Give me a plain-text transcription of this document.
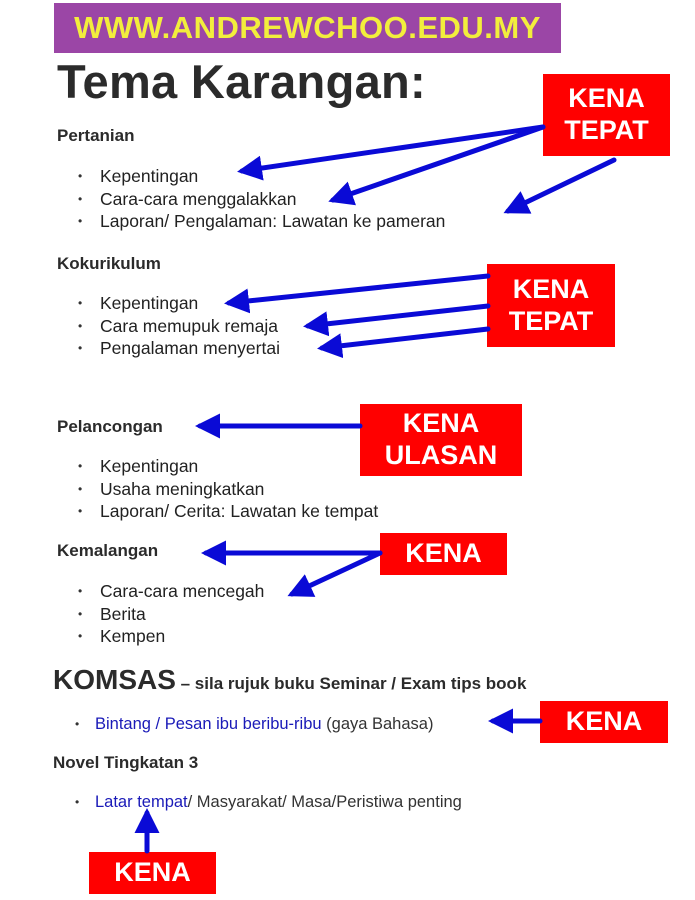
WWW.ANDREWCHOO.EDU.MY
Tema Karangan:
Pertanian
• Kepentingan
• Cara-cara menggalakkan
• Laporan/ Pengalaman: Lawatan ke pameran
KENA
TEPAT
Kokurikulum
• Kepentingan
• Cara memupuk remaja
• Pengalaman menyertai
KENA
TEPAT
Pelancongan
• Kepentingan
• Usaha meningkatkan
• Laporan/ Cerita: Lawatan ke tempat
KENA
ULASAN
Kemalangan
• Cara-cara mencegah
• Berita
• Kempen
KENA
KOMSAS – sila rujuk buku Seminar / Exam tips book
• Bintang / Pesan ibu beribu-ribu (gaya Bahasa)	KENA
Novel Tingkatan 3
• Latar tempat/ Masyarakat/ Masa/Peristiwa penting
KENA
